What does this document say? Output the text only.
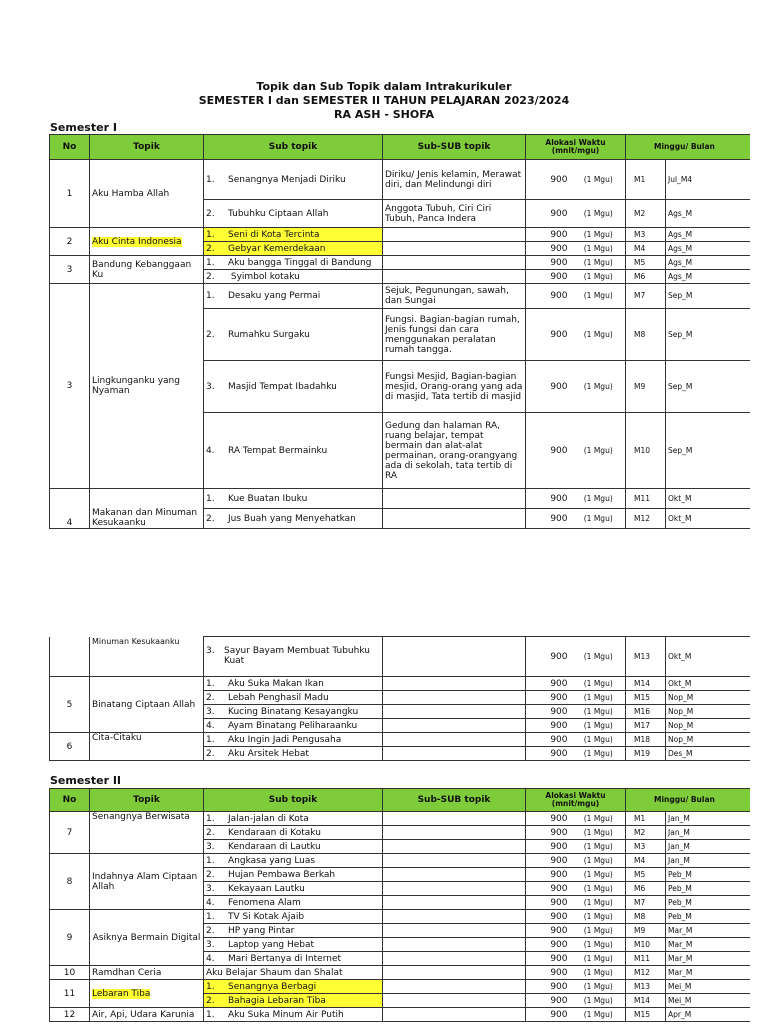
Topik dan Sub Topik dalam Intrakurikuler
SEMESTER I dan SEMESTER II TAHUN PELAJARAN 2023/2024
RA ASH - SHOFA
Semester I
No	Topik	Sub topik	Sub-SUB topik	Alokasi Waktu
(mnit/mgu)		Minggu/ Bulan	
1	Aku Hamba Allah	1. Senangnya Menjadi Diriku	Diriku/ Jenis kelamin, Merawat diri, dan Melindungi diri	900	(1 Mgu)	M1	Jul_M4
		2. Tubuhku Ciptaan Allah	Anggota Tubuh, Ciri Ciri Tubuh, Panca Indera	900	(1 Mgu)	M2	Ags_M
2	Aku Cinta Indonesia	1. Seni di Kota Tercinta		900	(1 Mgu)	M3	Ags_M
		2. Gebyar Kemerdekaan		900	(1 Mgu)	M4	Ags_M
3	Bandung Kebanggaan Ku	1. Aku bangga Tinggal di Bandung		900	(1 Mgu)	M5	Ags_M
		2. Syimbol kotaku		900	(1 Mgu)	M6	Ags_M
3	Lingkunganku yang Nyaman	1. Desaku yang Permai	Sejuk, Pegunungan, sawah, dan Sungai	900	(1 Mgu)	M7	Sep_M
		2. Rumahku Surgaku	Fungsi. Bagian-bagian rumah, Jenis fungsi dan cara menggunakan peralatan rumah tangga.	900	(1 Mgu)	M8	Sep_M
		3. Masjid Tempat Ibadahku	Fungsi Mesjid, Bagian-bagian mesjid, Orang-orang yang ada di masjid, Tata tertib di masjid	900	(1 Mgu)	M9	Sep_M
		4. RA Tempat Bermainku	Gedung dan halaman RA, ruang belajar, tempat bermain dan alat-alat permainan, orang-orangyang ada di sekolah, tata tertib di RA	900	(1 Mgu)	M10	Sep_M
4	Makanan dan Minuman Kesukaanku	1. Kue Buatan Ibuku		900	(1 Mgu)	M11	Okt_M
		2. Jus Buah yang Menyehatkan		900	(1 Mgu)	M12	Okt_M
	Minuman Kesukaanku	3. Sayur Bayam Membuat Tubuhku Kuat		900	(1 Mgu)	M13	Okt_M
5	Binatang Ciptaan Allah	1. Aku Suka Makan Ikan		900	(1 Mgu)	M14	Okt_M
		2. Lebah Penghasil Madu		900	(1 Mgu)	M15	Nop_M
		3. Kucing Binatang Kesayangku		900	(1 Mgu)	M16	Nop_M
		4. Ayam Binatang Peliharaanku		900	(1 Mgu)	M17	Nop_M
6	Cita-Citaku	1. Aku Ingin Jadi Pengusaha		900	(1 Mgu)	M18	Nop_M
		2. Aku Arsitek Hebat		900	(1 Mgu)	M19	Des_M
Semester II
No	Topik	Sub topik	Sub-SUB topik	Alokasi Waktu
(mnit/mgu)		Minggu/ Bulan	
7	Senangnya Berwisata	1. Jalan-jalan di Kota		900	(1 Mgu)	M1	Jan_M
		2. Kendaraan di Kotaku		900	(1 Mgu)	M2	Jan_M
		3. Kendaraan di Lautku		900	(1 Mgu)	M3	Jan_M
8	Indahnya Alam Ciptaan Allah	1. Angkasa yang Luas		900	(1 Mgu)	M4	Jan_M
		2. Hujan Pembawa Berkah		900	(1 Mgu)	M5	Peb_M
		3. Kekayaan Lautku		900	(1 Mgu)	M6	Peb_M
		4. Fenomena Alam		900	(1 Mgu)	M7	Peb_M
9	Asiknya Bermain Digital	1. TV Si Kotak Ajaib		900	(1 Mgu)	M8	Peb_M
		2. HP yang Pintar		900	(1 Mgu)	M9	Mar_M
		3. Laptop yang Hebat		900	(1 Mgu)	M10	Mar_M
		4. Mari Bertanya di Internet		900	(1 Mgu)	M11	Mar_M
10	Ramdhan Ceria	Aku Belajar Shaum dan Shalat		900	(1 Mgu)	M12	Mar_M
11	Lebaran Tiba	1. Senangnya Berbagi		900	(1 Mgu)	M13	Mei_M
		2. Bahagia Lebaran Tiba		900	(1 Mgu)	M14	Mei_M
12	Air, Api, Udara Karunia	1. Aku Suka Minum Air Putih		900	(1 Mgu)	M15	Apr_M
